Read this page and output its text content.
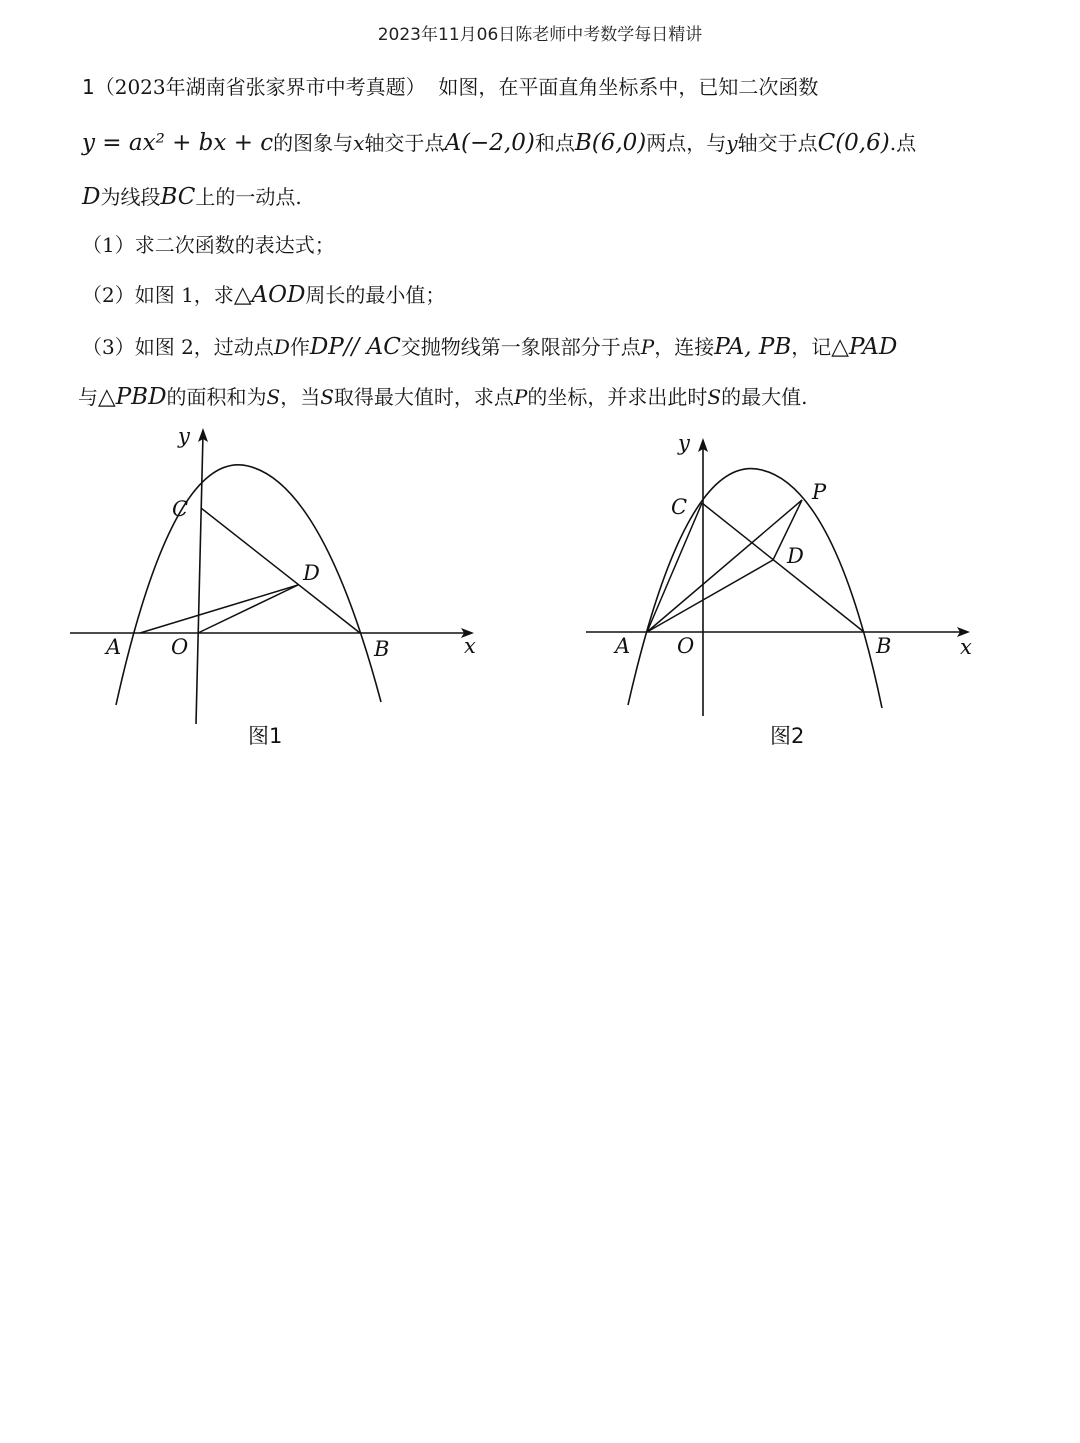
2023年11月06日陈老师中考数学每日精讲
1（2023年湖南省张家界市中考真题） 如图，在平面直角坐标系中，已知二次函数
y = ax² + bx + c的图象与x轴交于点A(−2,0)和点B(6,0)两点，与y轴交于点C(0,6).点
D为线段BC上的一动点.
（1）求二次函数的表达式；
（2）如图 1，求△AOD周长的最小值；
（3）如图 2，过动点D作DP// AC交抛物线第一象限部分于点P，连接PA, PB，记△PAD
与△PBD的面积和为S，当S取得最大值时，求点P的坐标，并求出此时S的最大值.
y
x
A O	B
C
D
图1
y
x
A O	B
C
D
P
图2
